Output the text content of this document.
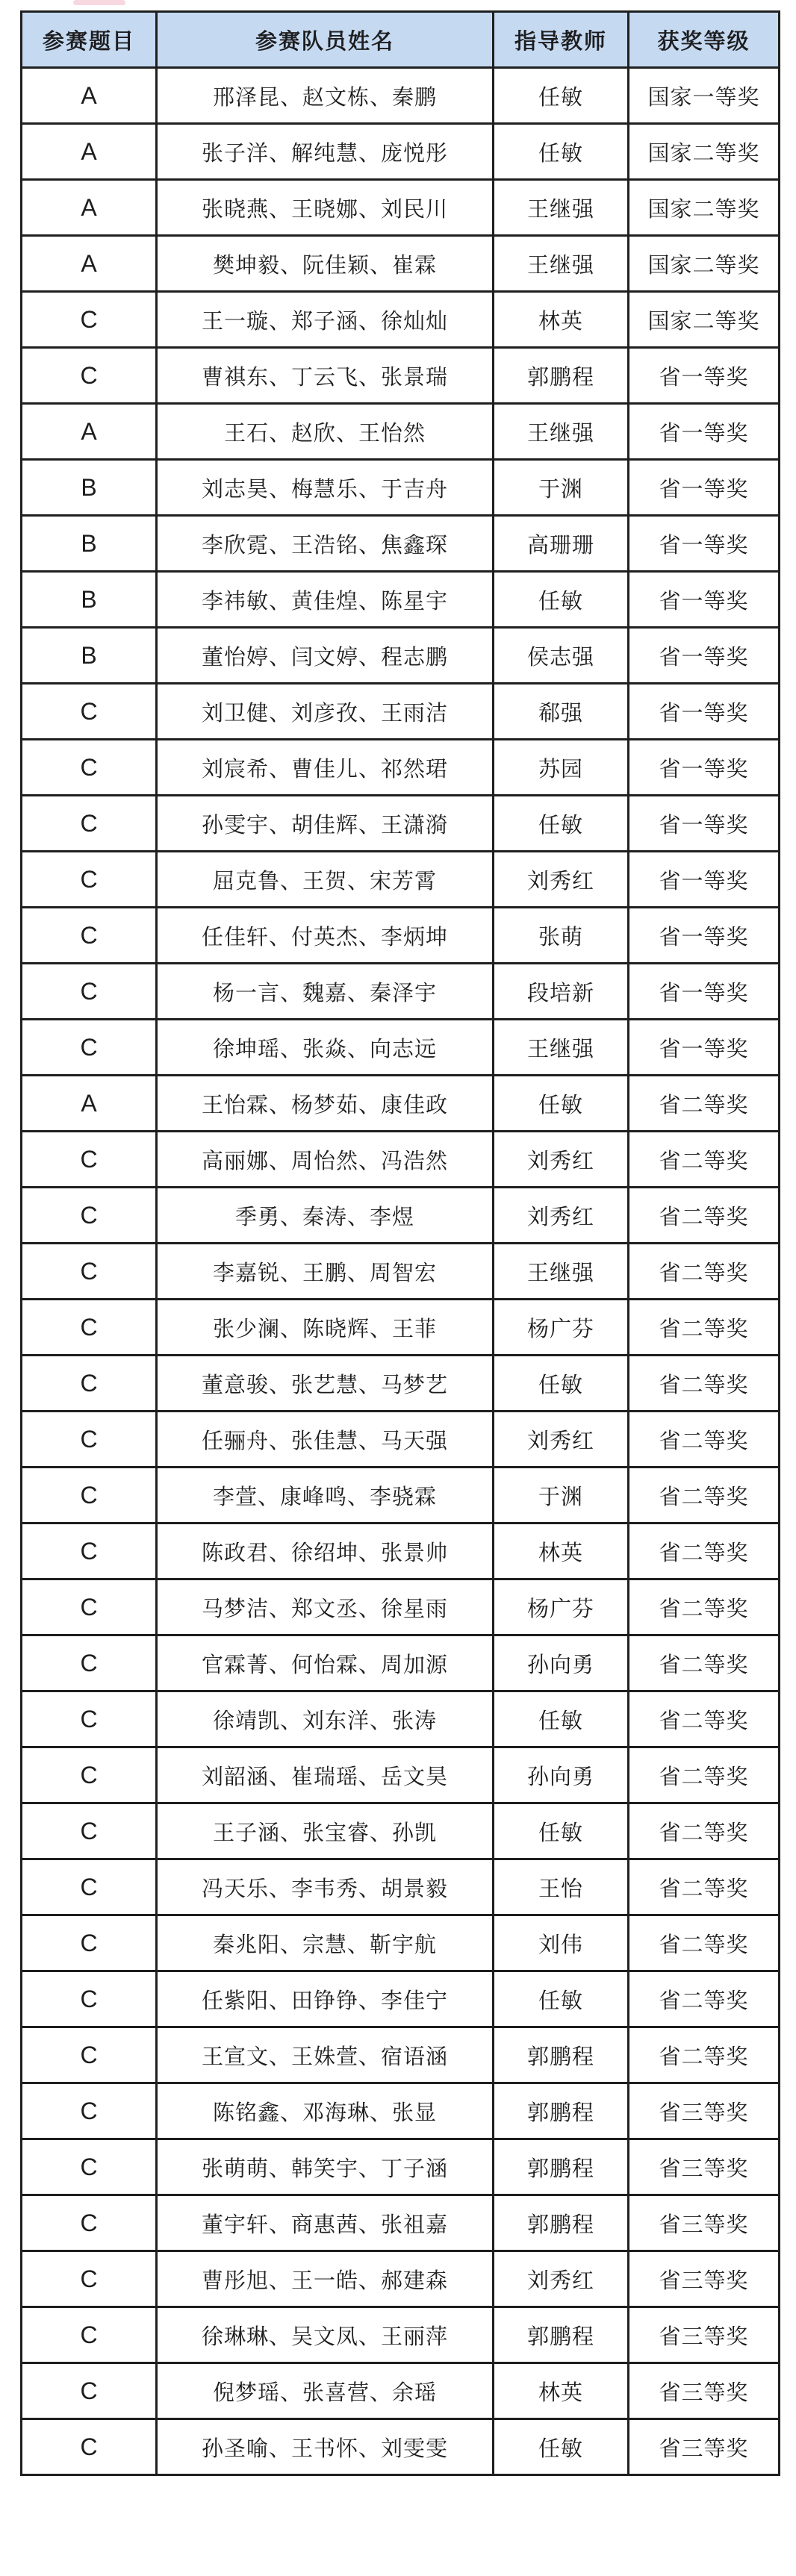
参赛题目	参赛队员姓名	指导教师	获奖等级
A	邢泽昆、赵文栋、秦鹏	任敏	国家一等奖
A	张子洋、解纯慧、庞悦彤	任敏	国家二等奖
A	张晓燕、王晓娜、刘民川	王继强	国家二等奖
A	樊坤毅、阮佳颖、崔霖	王继强	国家二等奖
C	王一璇、郑子涵、徐灿灿	林英	国家二等奖
C	曹祺东、丁云飞、张景瑞	郭鹏程	省一等奖
A	王石、赵欣、王怡然	王继强	省一等奖
B	刘志昊、梅慧乐、于吉舟	于渊	省一等奖
B	李欣霓、王浩铭、焦鑫琛	高珊珊	省一等奖
B	李祎敏、黄佳煌、陈星宇	任敏	省一等奖
B	董怡婷、闫文婷、程志鹏	侯志强	省一等奖
C	刘卫健、刘彦孜、王雨洁	郗强	省一等奖
C	刘宸希、曹佳儿、祁然珺	苏园	省一等奖
C	孙雯宇、胡佳辉、王潇漪	任敏	省一等奖
C	屈克鲁、王贺、宋芳霄	刘秀红	省一等奖
C	任佳轩、付英杰、李炳坤	张萌	省一等奖
C	杨一言、魏嘉、秦泽宇	段培新	省一等奖
C	徐坤瑶、张焱、向志远	王继强	省一等奖
A	王怡霖、杨梦茹、康佳政	任敏	省二等奖
C	高丽娜、周怡然、冯浩然	刘秀红	省二等奖
C	季勇、秦涛、李煜	刘秀红	省二等奖
C	李嘉锐、王鹏、周智宏	王继强	省二等奖
C	张少澜、陈晓辉、王菲	杨广芬	省二等奖
C	董意骏、张艺慧、马梦艺	任敏	省二等奖
C	任骊舟、张佳慧、马天强	刘秀红	省二等奖
C	李萱、康峰鸣、李骁霖	于渊	省二等奖
C	陈政君、徐绍坤、张景帅	林英	省二等奖
C	马梦洁、郑文丞、徐星雨	杨广芬	省二等奖
C	官霖菁、何怡霖、周加源	孙向勇	省二等奖
C	徐靖凯、刘东洋、张涛	任敏	省二等奖
C	刘韶涵、崔瑞瑶、岳文昊	孙向勇	省二等奖
C	王子涵、张宝睿、孙凯	任敏	省二等奖
C	冯天乐、李韦秀、胡景毅	王怡	省二等奖
C	秦兆阳、宗慧、靳宇航	刘伟	省二等奖
C	任紫阳、田铮铮、李佳宁	任敏	省二等奖
C	王宣文、王姝萱、宿语涵	郭鹏程	省二等奖
C	陈铭鑫、邓海琳、张显	郭鹏程	省三等奖
C	张萌萌、韩笑宇、丁子涵	郭鹏程	省三等奖
C	董宇轩、商惠茜、张祖嘉	郭鹏程	省三等奖
C	曹彤旭、王一皓、郝建森	刘秀红	省三等奖
C	徐琳琳、吴文凤、王丽萍	郭鹏程	省三等奖
C	倪梦瑶、张喜营、余瑶	林英	省三等奖
C	孙圣喻、王书怀、刘雯雯	任敏	省三等奖
